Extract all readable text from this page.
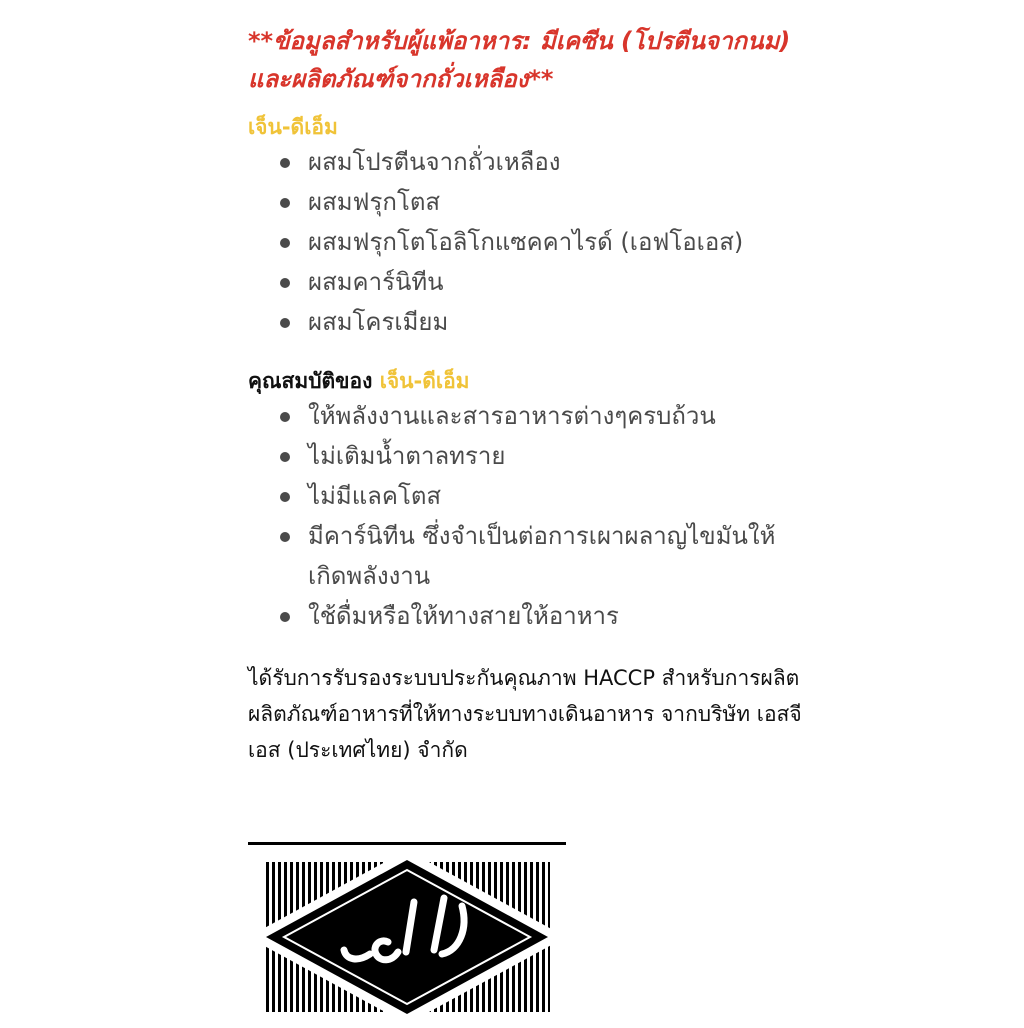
**ข้อมูลสำหรับผู้แพ้อาหาร: มีเคซีน (โปรตีนจากนม) และผลิตภัณฑ์จากถั่วเหลือง**

เจ็น-ดีเอ็ม

ผสมโปรตีนจากถั่วเหลือง
ผสมฟรุกโตส
ผสมฟรุกโตโอลิโกแซคคาไรด์ (เอฟโอเอส)
ผสมคาร์นิทีน
ผสมโครเมียม

คุณสมบัติของ เจ็น-ดีเอ็ม

ให้พลังงานและสารอาหารต่างๆครบถ้วน
ไม่เติมน้ำตาลทราย
ไม่มีแลคโตส
มีคาร์นิทีน ซึ่งจำเป็นต่อการเผาผลาญไขมันให้เกิดพลังงาน
ใช้ดื่มหรือให้ทางสายให้อาหาร

ได้รับการรับรองระบบประกันคุณภาพ HACCP สำหรับการผลิต ผลิตภัณฑ์อาหารที่ให้ทางระบบทางเดินอาหาร จากบริษัท เอสจีเอส (ประเทศไทย) จำกัด
